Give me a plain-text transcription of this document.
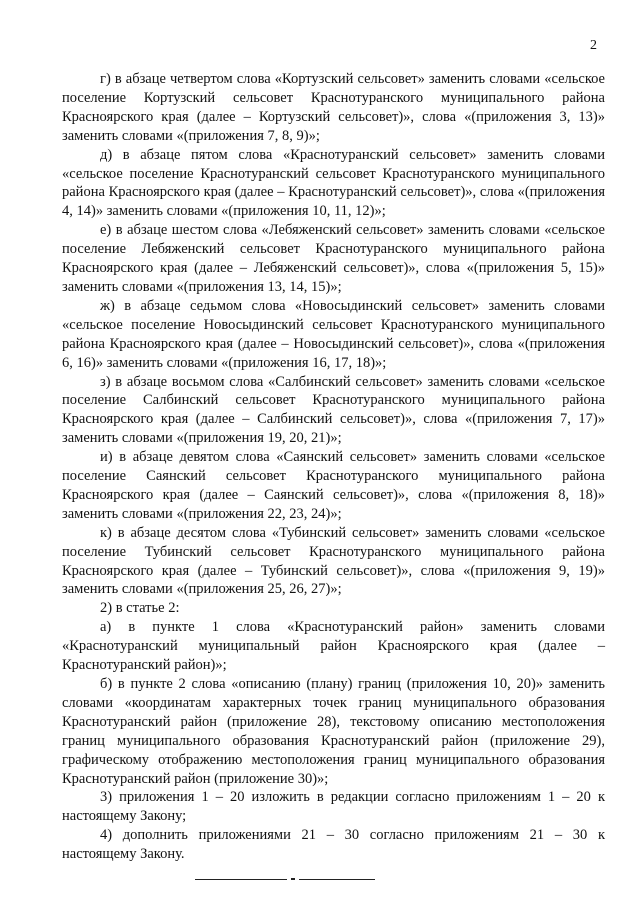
2

г) в абзаце четвертом слова «Кортузский сельсовет» заменить словами «сельское поселение Кортузский сельсовет Краснотуранского муниципального района Красноярского края (далее – Кортузский сельсовет)», слова «(приложения 3, 13)» заменить словами «(приложения 7, 8, 9)»;

д) в абзаце пятом слова «Краснотуранский сельсовет» заменить словами «сельское поселение Краснотуранский сельсовет Краснотуранского муниципального района Красноярского края (далее – Краснотуранский сельсовет)», слова «(приложения 4, 14)» заменить словами «(приложения 10, 11, 12)»;

е) в абзаце шестом слова «Лебяженский сельсовет» заменить словами «сельское поселение Лебяженский сельсовет Краснотуранского муниципального района Красноярского края (далее – Лебяженский сельсовет)», слова «(приложения 5, 15)» заменить словами «(приложения 13, 14, 15)»;

ж) в абзаце седьмом слова «Новосыдинский сельсовет» заменить словами «сельское поселение Новосыдинский сельсовет Краснотуранского муниципального района Красноярского края (далее – Новосыдинский сельсовет)», слова «(приложения 6, 16)» заменить словами «(приложения 16, 17, 18)»;

з) в абзаце восьмом слова «Салбинский сельсовет» заменить словами «сельское поселение Салбинский сельсовет Краснотуранского муниципального района Красноярского края (далее – Салбинский сельсовет)», слова «(приложения 7, 17)» заменить словами «(приложения 19, 20, 21)»;

и) в абзаце девятом слова «Саянский сельсовет» заменить словами «сельское поселение Саянский сельсовет Краснотуранского муниципального района Красноярского края (далее – Саянский сельсовет)», слова «(приложения 8, 18)» заменить словами «(приложения 22, 23, 24)»;

к) в абзаце десятом слова «Тубинский сельсовет» заменить словами «сельское поселение Тубинский сельсовет Краснотуранского муниципального района Красноярского края (далее – Тубинский сельсовет)», слова «(приложения 9, 19)» заменить словами «(приложения 25, 26, 27)»;

2) в статье 2:

а) в пункте 1 слова «Краснотуранский район» заменить словами «Краснотуранский муниципальный район Красноярского края (далее – Краснотуранский район)»;

б) в пункте 2 слова «описанию (плану) границ (приложения 10, 20)» заменить словами «координатам характерных точек границ муниципального образования Краснотуранский район (приложение 28), текстовому описанию местоположения границ муниципального образования Краснотуранский район (приложение 29), графическому отображению местоположения границ муниципального образования Краснотуранский район (приложение 30)»;

3) приложения 1 – 20 изложить в редакции согласно приложениям 1 – 20 к настоящему Закону;

4) дополнить приложениями 21 – 30 согласно приложениям 21 – 30 к настоящему Закону.
